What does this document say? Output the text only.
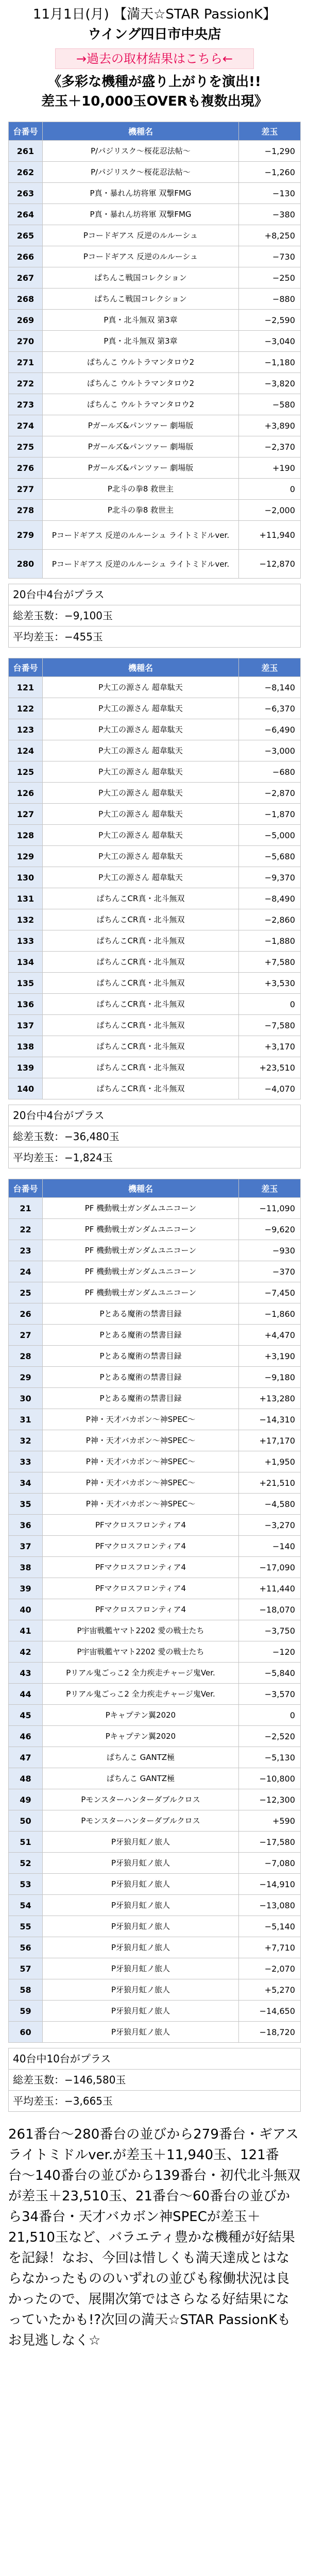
11月1日(月) 【満天☆STAR PassionK】
ウイング四日市中央店
→過去の取材結果はこちら←
《多彩な機種が盛り上がりを演出!!
差玉＋10,000玉OVERも複数出現》
台番号	機種名	差玉
261	P/パジリスク～桜花忍法帖～	−1,290
262	P/パジリスク～桜花忍法帖～	−1,260
263	P真・暴れん坊将軍 双撃FMG	−130
264	P真・暴れん坊将軍 双撃FMG	−380
265	Pコードギアス 反逆のルルーシュ	+8,250
266	Pコードギアス 反逆のルルーシュ	−730
267	ぱちんこ戦国コレクション	−250
268	ぱちんこ戦国コレクション	−880
269	P真・北斗無双 第3章	−2,590
270	P真・北斗無双 第3章	−3,040
271	ぱちんこ ウルトラマンタロウ2	−1,180
272	ぱちんこ ウルトラマンタロウ2	−3,820
273	ぱちんこ ウルトラマンタロウ2	−580
274	Pガールズ&パンツァー 劇場版	+3,890
275	Pガールズ&パンツァー 劇場版	−2,370
276	Pガールズ&パンツァー 劇場版	+190
277	P北斗の拳8 救世主	0
278	P北斗の拳8 救世主	−2,000
279	Pコードギアス 反逆のルルーシュ ライトミドルver.	+11,940
280	Pコードギアス 反逆のルルーシュ ライトミドルver.	−12,870
20台中4台がプラス
総差玉数：−9,100玉
平均差玉：−455玉
台番号	機種名	差玉
121	P大工の源さん 超韋駄天	−8,140
122	P大工の源さん 超韋駄天	−6,370
123	P大工の源さん 超韋駄天	−6,490
124	P大工の源さん 超韋駄天	−3,000
125	P大工の源さん 超韋駄天	−680
126	P大工の源さん 超韋駄天	−2,870
127	P大工の源さん 超韋駄天	−1,870
128	P大工の源さん 超韋駄天	−5,000
129	P大工の源さん 超韋駄天	−5,680
130	P大工の源さん 超韋駄天	−9,370
131	ぱちんこCR真・北斗無双	−8,490
132	ぱちんこCR真・北斗無双	−2,860
133	ぱちんこCR真・北斗無双	−1,880
134	ぱちんこCR真・北斗無双	+7,580
135	ぱちんこCR真・北斗無双	+3,530
136	ぱちんこCR真・北斗無双	0
137	ぱちんこCR真・北斗無双	−7,580
138	ぱちんこCR真・北斗無双	+3,170
139	ぱちんこCR真・北斗無双	+23,510
140	ぱちんこCR真・北斗無双	−4,070
20台中4台がプラス
総差玉数：−36,480玉
平均差玉：−1,824玉
台番号	機種名	差玉
21	PF 機動戦士ガンダムユニコーン	−11,090
22	PF 機動戦士ガンダムユニコーン	−9,620
23	PF 機動戦士ガンダムユニコーン	−930
24	PF 機動戦士ガンダムユニコーン	−370
25	PF 機動戦士ガンダムユニコーン	−7,450
26	Pとある魔術の禁書目録	−1,860
27	Pとある魔術の禁書目録	+4,470
28	Pとある魔術の禁書目録	+3,190
29	Pとある魔術の禁書目録	−9,180
30	Pとある魔術の禁書目録	+13,280
31	P神・天才バカボン〜神SPEC〜	−14,310
32	P神・天才バカボン〜神SPEC〜	+17,170
33	P神・天才バカボン〜神SPEC〜	+1,950
34	P神・天才バカボン〜神SPEC〜	+21,510
35	P神・天才バカボン〜神SPEC〜	−4,580
36	PFマクロスフロンティア4	−3,270
37	PFマクロスフロンティア4	−140
38	PFマクロスフロンティア4	−17,090
39	PFマクロスフロンティア4	+11,440
40	PFマクロスフロンティア4	−18,070
41	P宇宙戦艦ヤマト2202 愛の戦士たち	−3,750
42	P宇宙戦艦ヤマト2202 愛の戦士たち	−120
43	Pリアル鬼ごっこ2 全力疾走チャージ鬼Ver.	−5,840
44	Pリアル鬼ごっこ2 全力疾走チャージ鬼Ver.	−3,570
45	Pキャプテン翼2020	0
46	Pキャプテン翼2020	−2,520
47	ぱちんこ GANTZ極	−5,130
48	ぱちんこ GANTZ極	−10,800
49	Pモンスターハンターダブルクロス	−12,300
50	Pモンスターハンターダブルクロス	+590
51	P牙狼月虹ノ旅人	−17,580
52	P牙狼月虹ノ旅人	−7,080
53	P牙狼月虹ノ旅人	−14,910
54	P牙狼月虹ノ旅人	−13,080
55	P牙狼月虹ノ旅人	−5,140
56	P牙狼月虹ノ旅人	+7,710
57	P牙狼月虹ノ旅人	−2,070
58	P牙狼月虹ノ旅人	+5,270
59	P牙狼月虹ノ旅人	−14,650
60	P牙狼月虹ノ旅人	−18,720
40台中10台がプラス
総差玉数：−146,580玉
平均差玉：−3,665玉
261番台〜280番台の並びから279番台・ギアスライトミドルver.が差玉＋11,940玉、121番台〜140番台の並びから139番台・初代北斗無双が差玉＋23,510玉、21番台〜60番台の並びから34番台・天才バカボン神SPECが差玉＋21,510玉など、バラエティ豊かな機種が好結果を記録！なお、今回は惜しくも満天達成とはならなかったもののいずれの並びも稼働状況は良かったので、展開次第ではさらなる好結果になっていたかも!?次回の満天☆STAR PassionKもお見逃しなく☆
